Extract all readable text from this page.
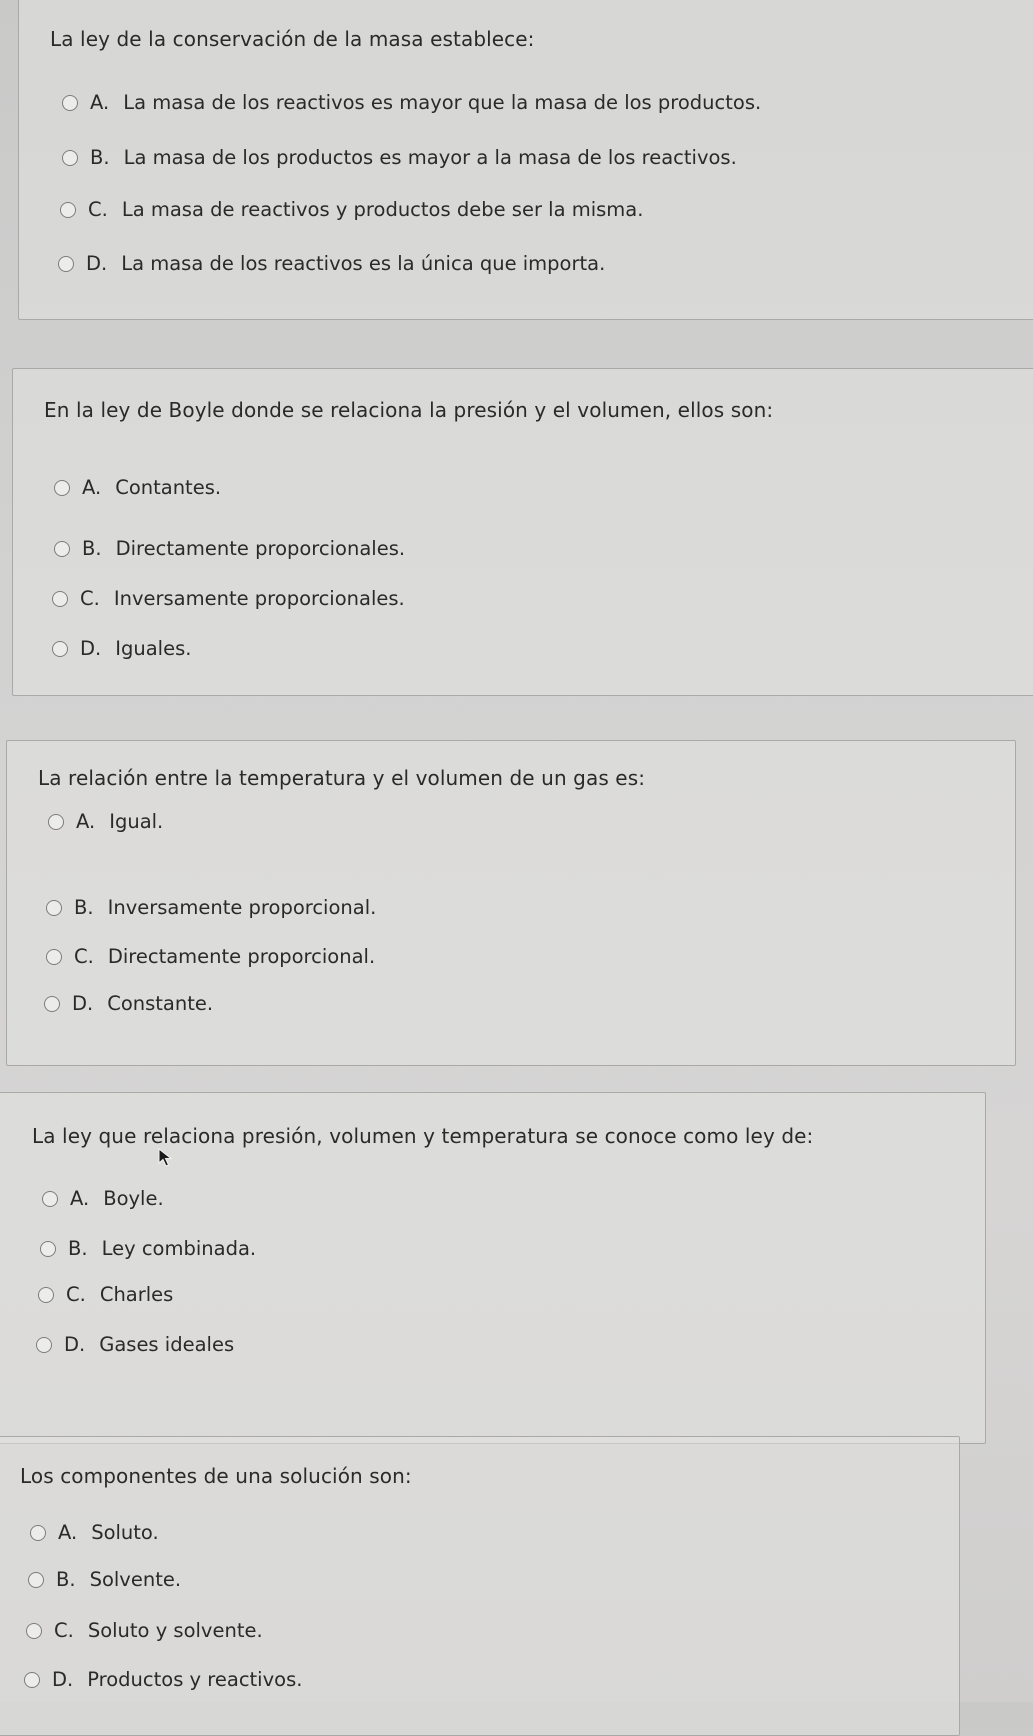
La ley de la conservación de la masa establece:
A. La masa de los reactivos es mayor que la masa de los productos.
B. La masa de los productos es mayor a la masa de los reactivos.
C. La masa de reactivos y productos debe ser la misma.
D. La masa de los reactivos es la única que importa.
En la ley de Boyle donde se relaciona la presión y el volumen, ellos son:
A. Contantes.
B. Directamente proporcionales.
C. Inversamente proporcionales.
D. Iguales.
La relación entre la temperatura y el volumen de un gas es:
A. Igual.
B. Inversamente proporcional.
C. Directamente proporcional.
D. Constante.
La ley que relaciona presión, volumen y temperatura se conoce como ley de:
A. Boyle.
B. Ley combinada.
C. Charles
D. Gases ideales
Los componentes de una solución son:
A. Soluto.
B. Solvente.
C. Soluto y solvente.
D. Productos y reactivos.
